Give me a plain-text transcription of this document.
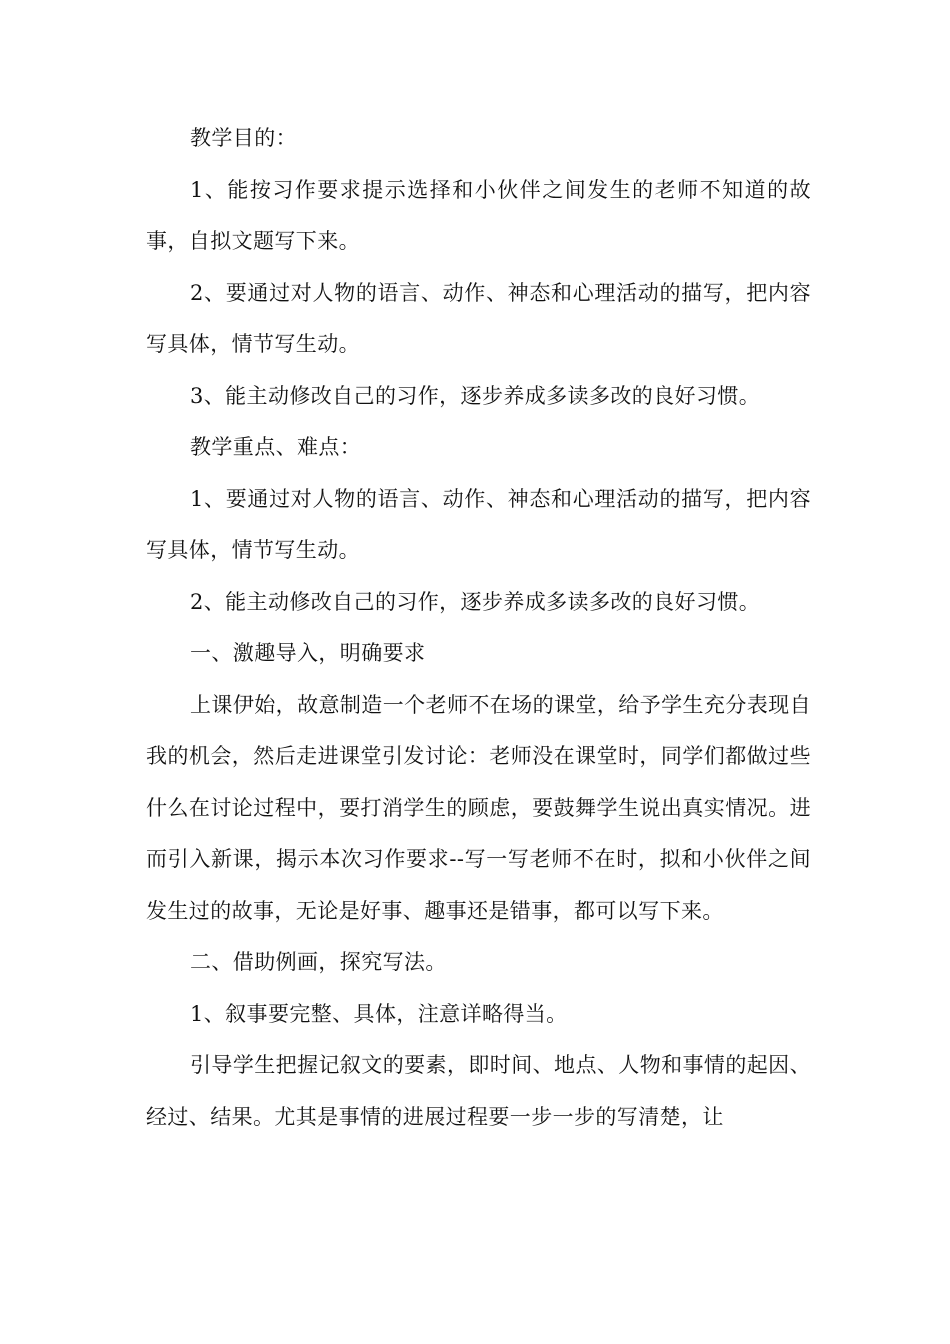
教学目的：

1、能按习作要求提示选择和小伙伴之间发生的老师不知道的故事，自拟文题写下来。

2、要通过对人物的语言、动作、神态和心理活动的描写，把内容写具体，情节写生动。

3、能主动修改自己的习作，逐步养成多读多改的良好习惯。

教学重点、难点：

1、要通过对人物的语言、动作、神态和心理活动的描写，把内容写具体，情节写生动。

2、能主动修改自己的习作，逐步养成多读多改的良好习惯。

一、激趣导入，明确要求

上课伊始，故意制造一个老师不在场的课堂，给予学生充分表现自我的机会，然后走进课堂引发讨论：老师没在课堂时，同学们都做过些什么在讨论过程中，要打消学生的顾虑，要鼓舞学生说出真实情况。进而引入新课，揭示本次习作要求--写一写老师不在时，拟和小伙伴之间发生过的故事，无论是好事、趣事还是错事，都可以写下来。

二、借助例画，探究写法。

1、叙事要完整、具体，注意详略得当。

引导学生把握记叙文的要素，即时间、地点、人物和事情的起因、经过、结果。尤其是事情的进展过程要一步一步的写清楚，让
